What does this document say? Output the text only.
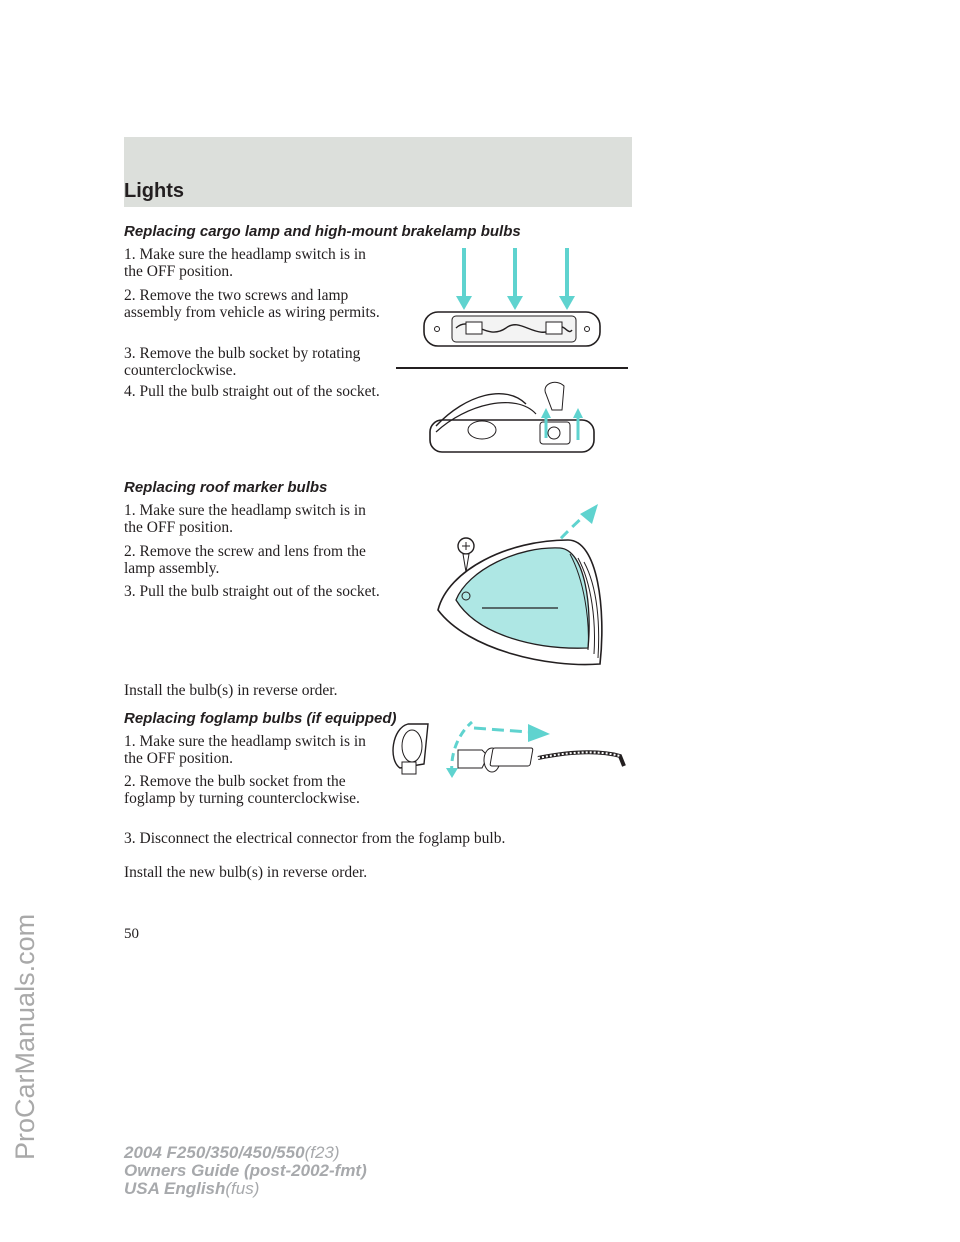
Lights
ProCarManuals.com
Replacing cargo lamp and high-mount brakelamp bulbs

1. Make sure the headlamp switch is in the OFF position.

2. Remove the two screws and lamp assembly from vehicle as wiring permits.

3. Remove the bulb socket by rotating counterclockwise.

4. Pull the bulb straight out of the socket.

Replacing roof marker bulbs

1. Make sure the headlamp switch is in the OFF position.

2. Remove the screw and lens from the lamp assembly.

3. Pull the bulb straight out of the socket.

Install the bulb(s) in reverse order.

Replacing foglamp bulbs (if equipped)

1. Make sure the headlamp switch is in the OFF position.

2. Remove the bulb socket from the foglamp by turning counterclockwise.

3. Disconnect the electrical connector from the foglamp bulb.

Install the new bulb(s) in reverse order.

50
2004 F250/350/450/550(f23)
Owners Guide (post-2002-fmt)
USA English(fus)
